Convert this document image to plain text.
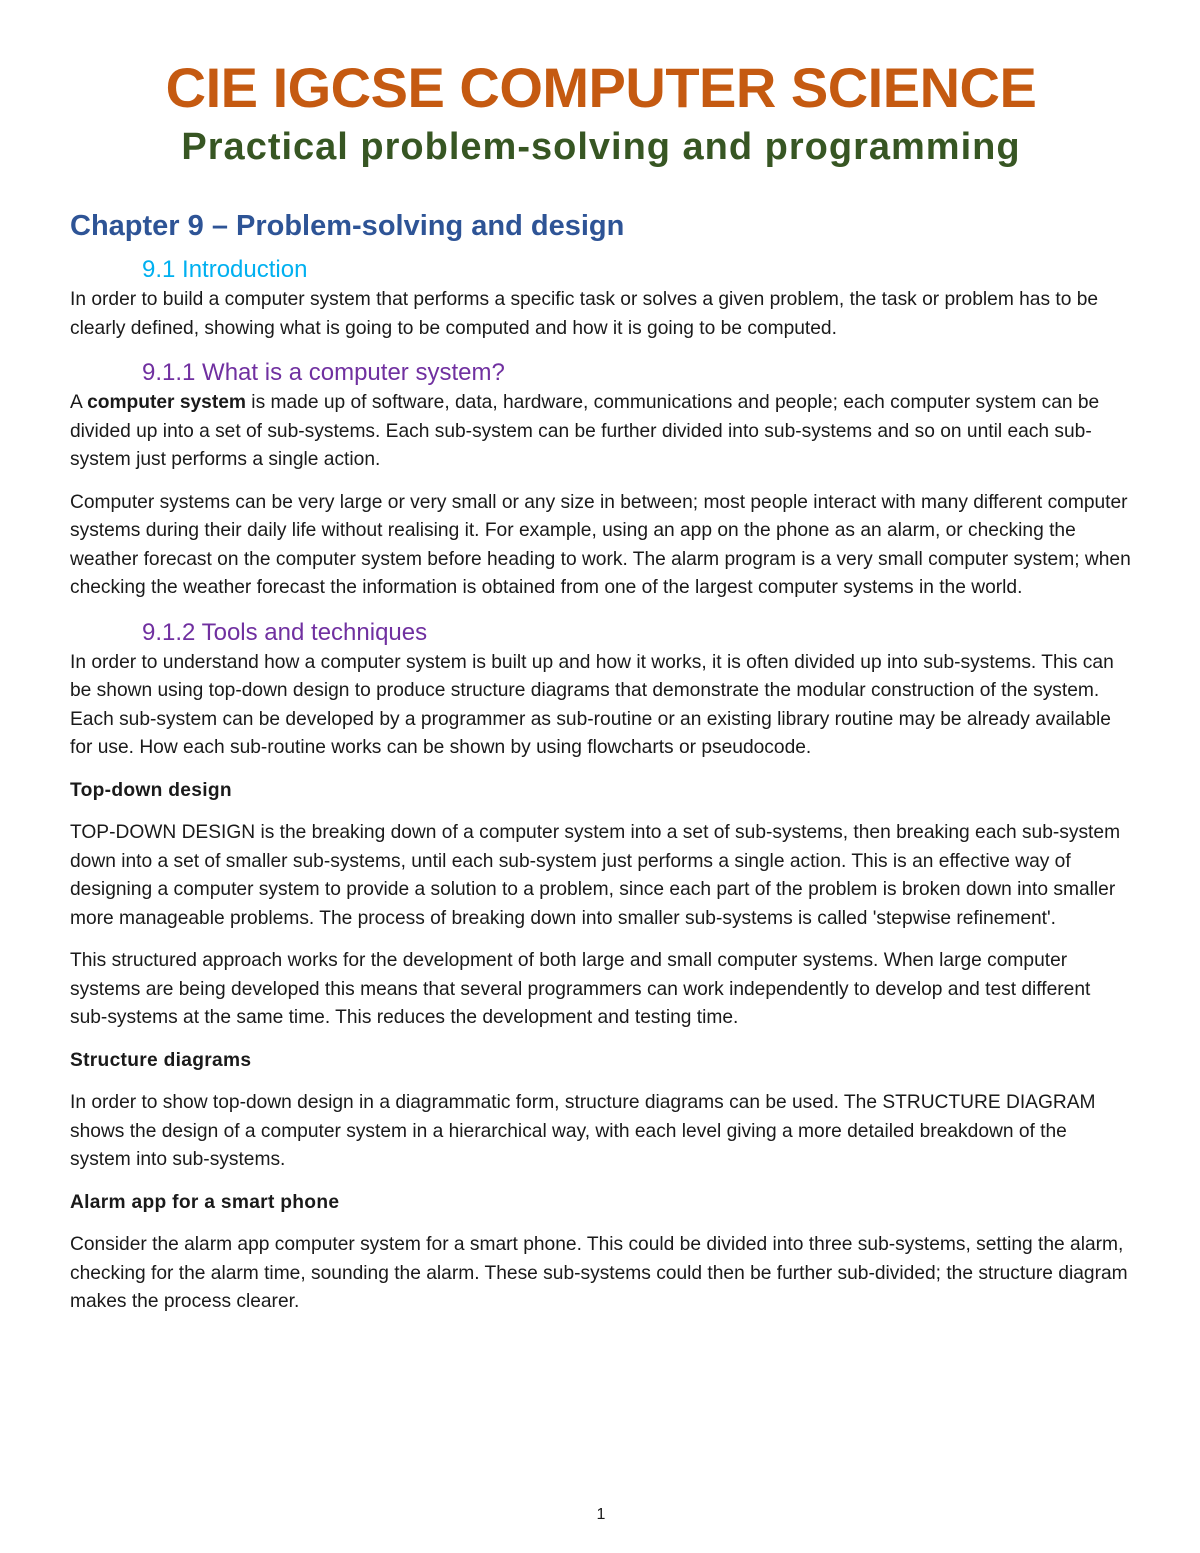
CIE IGCSE COMPUTER SCIENCE
Practical problem-solving and programming
Chapter 9 – Problem-solving and design
9.1 Introduction

In order to build a computer system that performs a specific task or solves a given problem, the task or problem has to be clearly defined, showing what is going to be computed and how it is going to be computed.

9.1.1 What is a computer system?

A computer system is made up of software, data, hardware, communications and people; each computer system can be divided up into a set of sub-systems. Each sub-system can be further divided into sub-systems and so on until each sub-system just performs a single action.

Computer systems can be very large or very small or any size in between; most people interact with many different computer systems during their daily life without realising it. For example, using an app on the phone as an alarm, or checking the weather forecast on the computer system before heading to work. The alarm program is a very small computer system; when checking the weather forecast the information is obtained from one of the largest computer systems in the world.

9.1.2 Tools and techniques

In order to understand how a computer system is built up and how it works, it is often divided up into sub-systems. This can be shown using top-down design to produce structure diagrams that demonstrate the modular construction of the system. Each sub-system can be developed by a programmer as sub-routine or an existing library routine may be already available for use. How each sub-routine works can be shown by using flowcharts or pseudocode.

Top-down design

TOP-DOWN DESIGN is the breaking down of a computer system into a set of sub-systems, then breaking each sub-system down into a set of smaller sub-systems, until each sub-system just performs a single action. This is an effective way of designing a computer system to provide a solution to a problem, since each part of the problem is broken down into smaller more manageable problems. The process of breaking down into smaller sub-systems is called 'stepwise refinement'.

This structured approach works for the development of both large and small computer systems. When large computer systems are being developed this means that several programmers can work independently to develop and test different sub-systems at the same time. This reduces the development and testing time.

Structure diagrams

In order to show top-down design in a diagrammatic form, structure diagrams can be used. The STRUCTURE DIAGRAM shows the design of a computer system in a hierarchical way, with each level giving a more detailed breakdown of the system into sub-systems.

Alarm app for a smart phone

Consider the alarm app computer system for a smart phone. This could be divided into three sub-systems, setting the alarm, checking for the alarm time, sounding the alarm. These sub-systems could then be further sub-divided; the structure diagram makes the process clearer.

1
